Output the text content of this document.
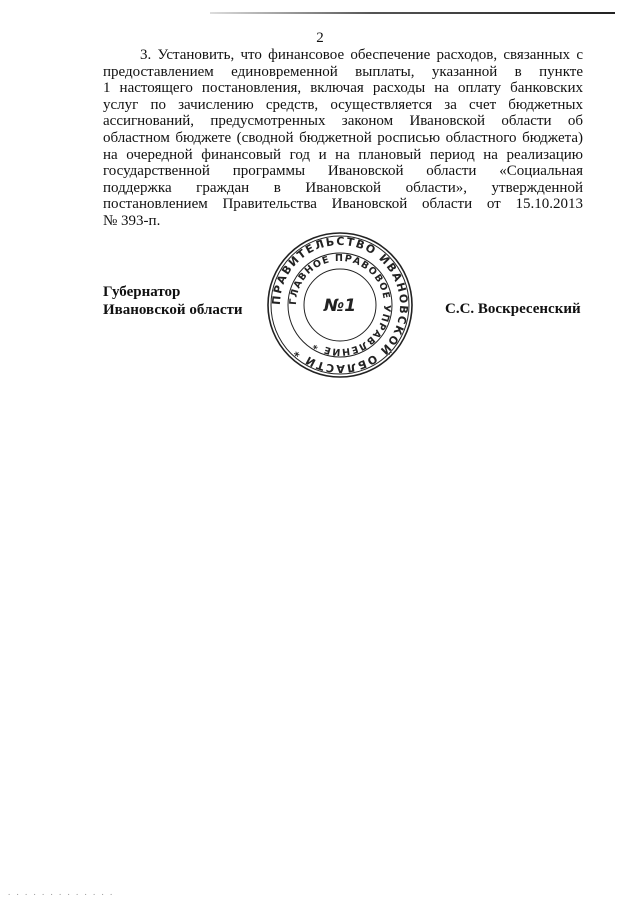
2
3. Установить, что финансовое обеспечение расходов, связанных с
предоставлением единовременной выплаты, указанной в пункте
1 настоящего постановления, включая расходы на оплату банковских
услуг по зачислению средств, осуществляется за счет бюджетных
ассигнований, предусмотренных законом Ивановской области об
областном бюджете (сводной бюджетной росписью областного бюджета)
на очередной финансовый год и на плановый период на реализацию
государственной программы Ивановской области «Социальная
поддержка граждан в Ивановской области», утвержденной
постановлением Правительства Ивановской области от 15.10.2013
№ 393-п.
Губернатор
Ивановской области	С.С. Воскресенский
ПРАВИТЕЛЬСТВО ИВАНОВСКОЙ ОБЛАСТИ *
ГЛАВНОЕ ПРАВОВОЕ УПРАВЛЕНИЕ *
№1
. . . . . . . . . . . . .
